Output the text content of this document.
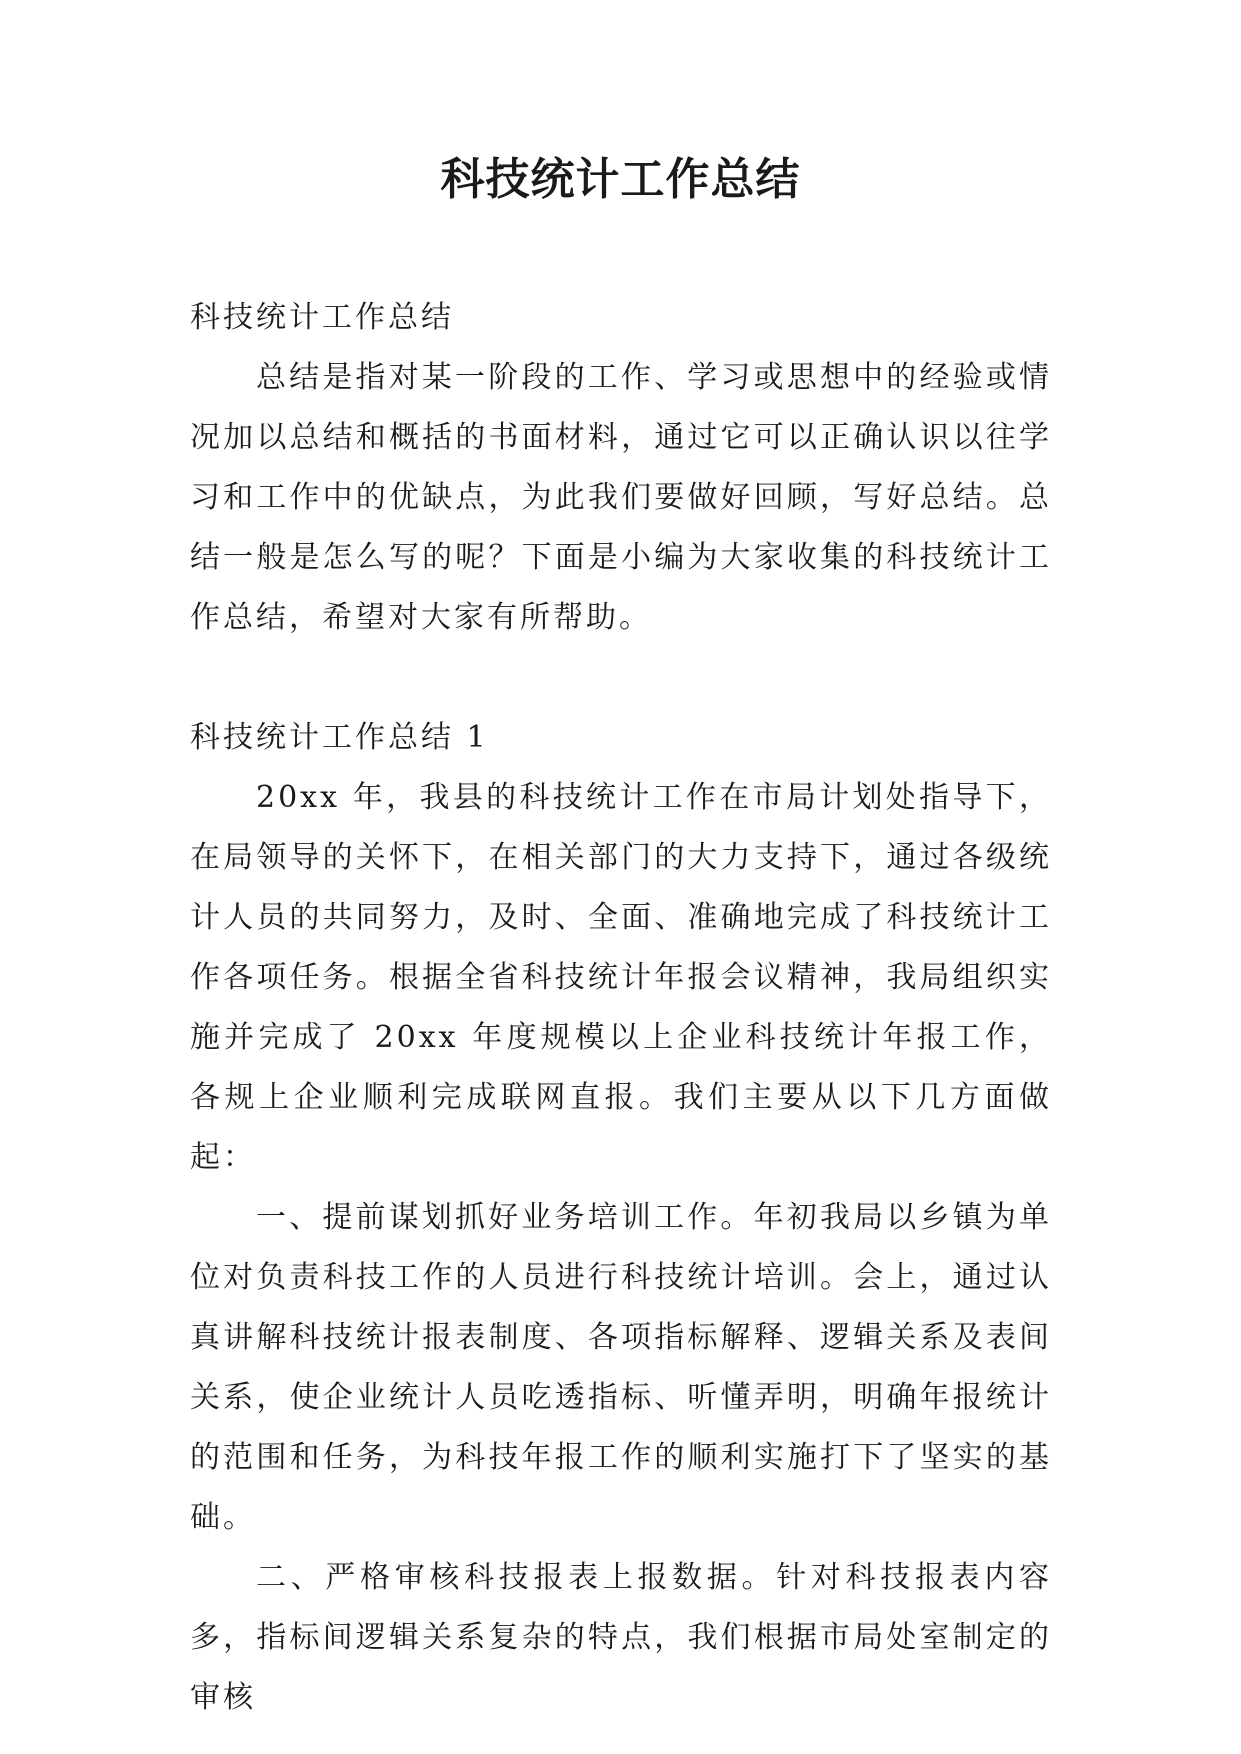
科技统计工作总结

科技统计工作总结

总结是指对某一阶段的工作、学习或思想中的经验或情况加以总结和概括的书面材料，通过它可以正确认识以往学习和工作中的优缺点，为此我们要做好回顾，写好总结。总结一般是怎么写的呢？下面是小编为大家收集的科技统计工作总结，希望对大家有所帮助。

科技统计工作总结 1

20xx 年，我县的科技统计工作在市局计划处指导下，在局领导的关怀下，在相关部门的大力支持下，通过各级统计人员的共同努力，及时、全面、准确地完成了科技统计工作各项任务。根据全省科技统计年报会议精神，我局组织实施并完成了 20xx 年度规模以上企业科技统计年报工作，各规上企业顺利完成联网直报。我们主要从以下几方面做起：

一、提前谋划抓好业务培训工作。年初我局以乡镇为单位对负责科技工作的人员进行科技统计培训。会上，通过认真讲解科技统计报表制度、各项指标解释、逻辑关系及表间关系，使企业统计人员吃透指标、听懂弄明，明确年报统计的范围和任务，为科技年报工作的顺利实施打下了坚实的基础。

二、严格审核科技报表上报数据。针对科技报表内容多，指标间逻辑关系复杂的特点，我们根据市局处室制定的审核
